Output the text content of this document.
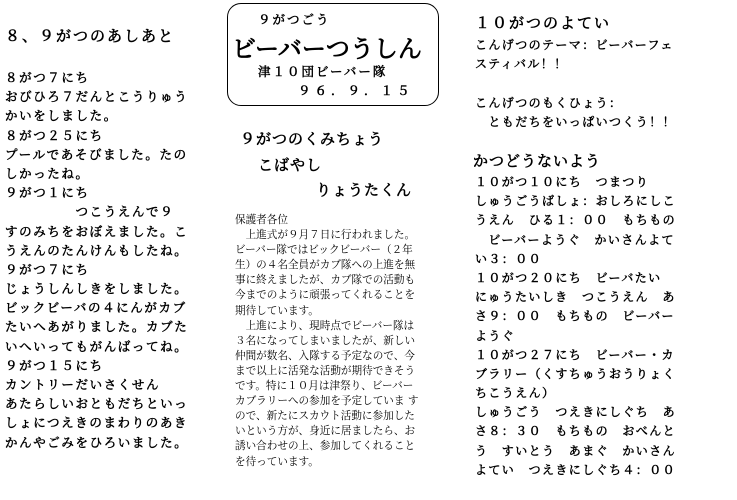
８、９がつのあしあと
８がつ７にち
おびひろ７だんとこうりゅう
かいをしました。
８がつ２５にち
プールであそびました。たの
しかったね。
９がつ１にち
　　　　　つこうえんで９
すのみちをおぼえました。こ
うえんのたんけんもしたね。
９がつ７にち
じょうしんしきをしました。
ビックビーバの４にんがカブ
たいへあがりました。カブた
いへいってもがんばってね。
９がつ１５にち
カントリーだいさくせん
あたらしいおともだちといっ
しょにつえきのまわりのあき
かんやごみをひろいました。
９がつごう
ビーバーつうしん
津１０団ビーバー隊
９６．９．１５
９がつのくみちょう
こばやし
りょうたくん
保護者各位
　上進式が９月７日に行われました。
ビーバー隊ではビックビーバー（２年
生）の４名全員がカブ隊への上進を無
事に終えましたが、カブ隊での活動も
今までのように頑張ってくれることを
期待しています。
　上進により、現時点でビーバー隊は
３名になってしまいましたが、新しい
仲間が数名、入隊する予定なので、今
まで以上に活発な活動が期待できそう
です。特に１０月は津祭り、ビーバー
カブラリーへの参加を予定していま す
ので、新たにスカウト活動に参加した
いという方が、身近に居ましたら、お
誘い合わせの上、参加してくれること
を待っています。
１０がつのよてい
こんげつのテーマ：ビーバーフェ
スティバル！！
こんげつのもくひょう：
　ともだちをいっぱいつくう！！
かつどうないよう
１０がつ１０にち　つまつり
しゅうごうばしょ：おしろにしこ
うえん　ひる１：００　もちもの
　ビーバーようぐ　かいさんよて
い３：００
１０がつ２０にち　ビーバたい
にゅうたいしき　つこうえん　あ
さ９：００　もちもの　ビーバー
ようぐ
１０がつ２７にち　ビーバー・カ
ブラリー（くすちゅうおうりょく
ちこうえん）
しゅうごう　つえきにしぐち　あ
さ８：３０　もちもの　おべんと
う　すいとう　あまぐ　かいさん
よてい　つえきにしぐち４：００
